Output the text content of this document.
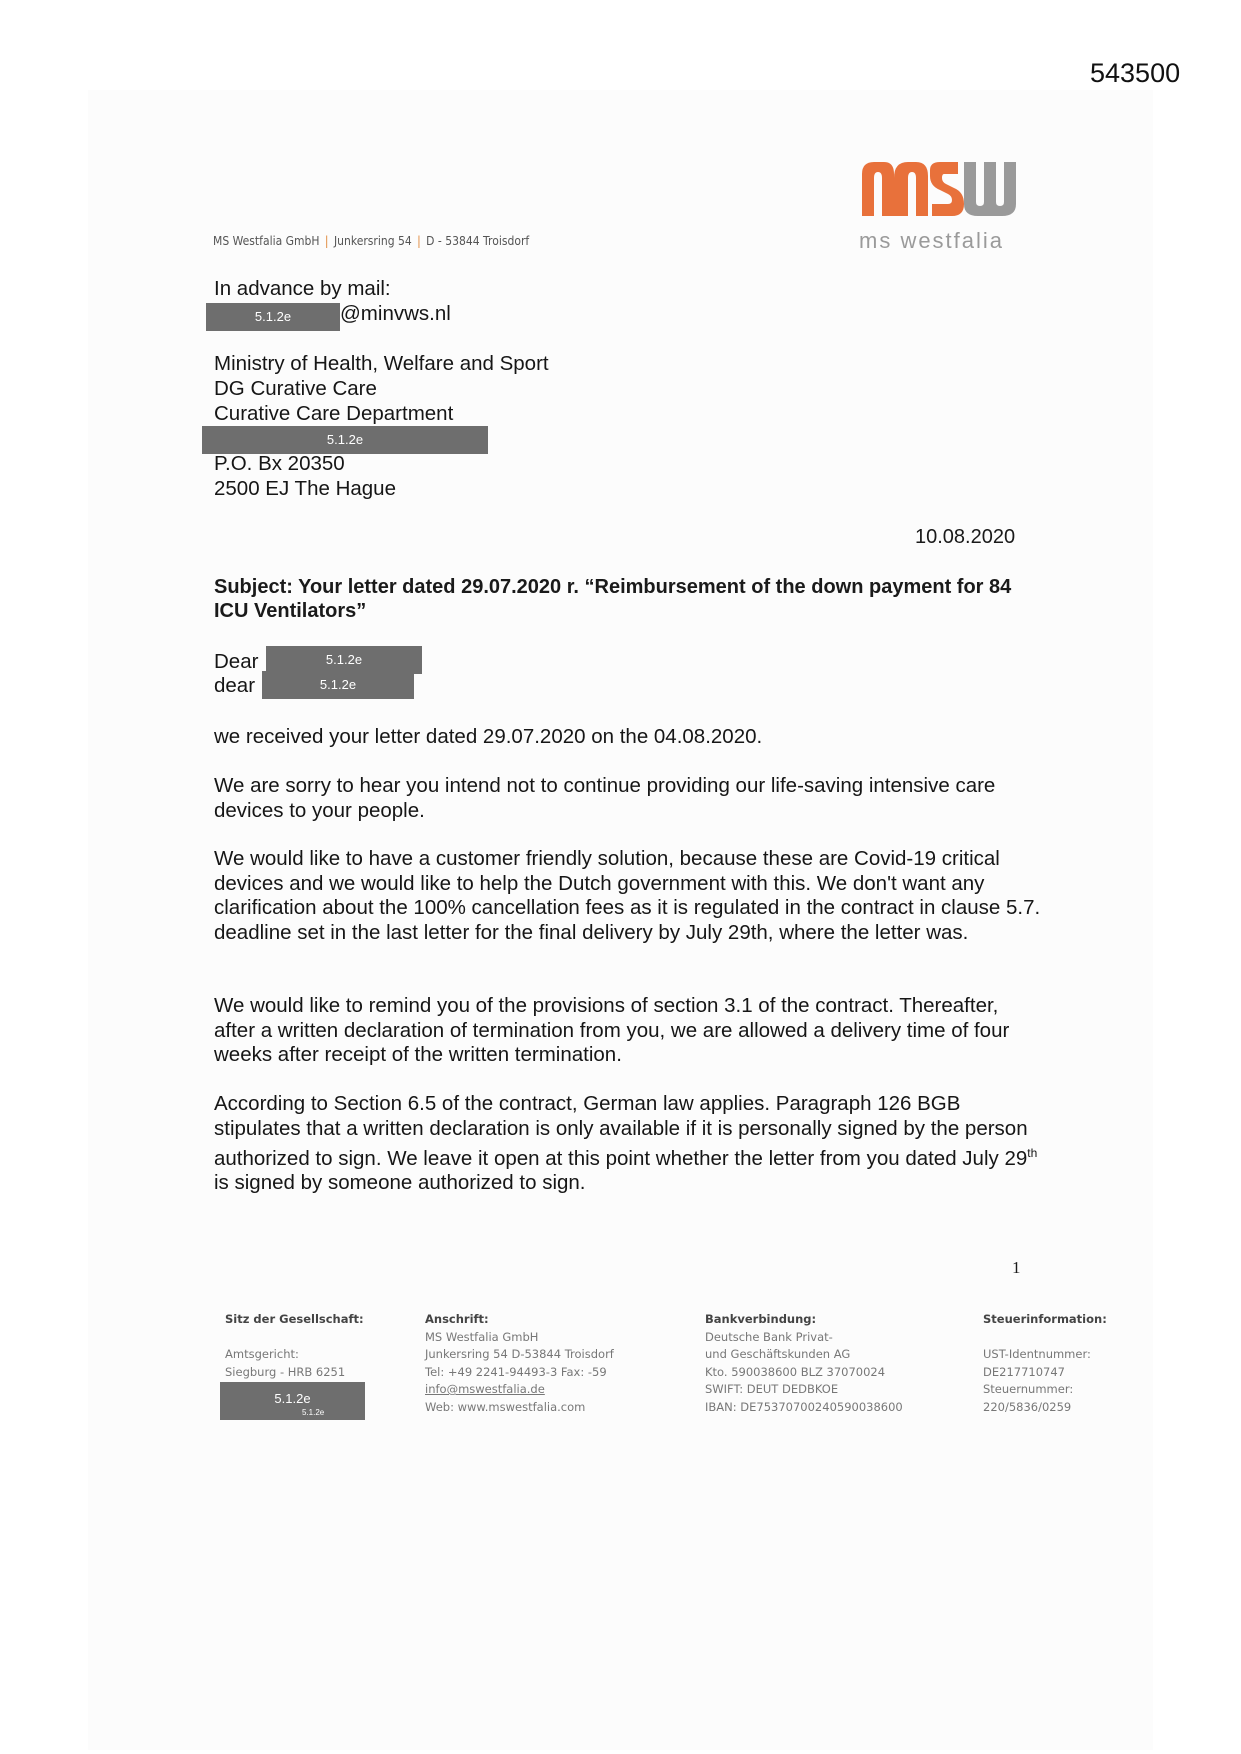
543500
ms westfalia
MS Westfalia GmbH | Junkersring 54 | D - 53844 Troisdorf
In advance by mail:
5.1.2e	@minvws.nl
Ministry of Health, Welfare and Sport
DG Curative Care
Curative Care Department
5.1.2e
P.O. Bx 20350
2500 EJ The Hague
10.08.2020
Subject: Your letter dated 29.07.2020 r. “Reimbursement of the down payment for 84 ICU Ventilators”
Dear	5.1.2e
dear	5.1.2e
we received your letter dated 29.07.2020 on the 04.08.2020.
We are sorry to hear you intend not to continue providing our life-saving intensive care devices to your people.
We would like to have a customer friendly solution, because these are Covid-19 critical devices and we would like to help the Dutch government with this. We don't want any clarification about the 100% cancellation fees as it is regulated in the contract in clause 5.7. deadline set in the last letter for the final delivery by July 29th, where the letter was.
We would like to remind you of the provisions of section 3.1 of the contract. Thereafter, after a written declaration of termination from you, we are allowed a delivery time of four weeks after receipt of the written termination.
According to Section 6.5 of the contract, German law applies. Paragraph 126 BGB stipulates that a written declaration is only available if it is personally signed by the person authorized to sign. We leave it open at this point whether the letter from you dated July 29th is signed by someone authorized to sign.
1
Sitz der Gesellschaft:

Amtsgericht:
Siegburg - HRB 6251
5.1.2e
5.1.2e
Anschrift:
MS Westfalia GmbH
Junkersring 54 D-53844 Troisdorf
Tel: +49 2241-94493-3 Fax: -59
info@mswestfalia.de
Web: www.mswestfalia.com
Bankverbindung:
Deutsche Bank Privat-
und Geschäftskunden AG
Kto. 590038600 BLZ 37070024
SWIFT: DEUT DEDBKOE
IBAN: DE75370700240590038600
Steuerinformation:

UST-Identnummer:
DE217710747
Steuernummer:
220/5836/0259
